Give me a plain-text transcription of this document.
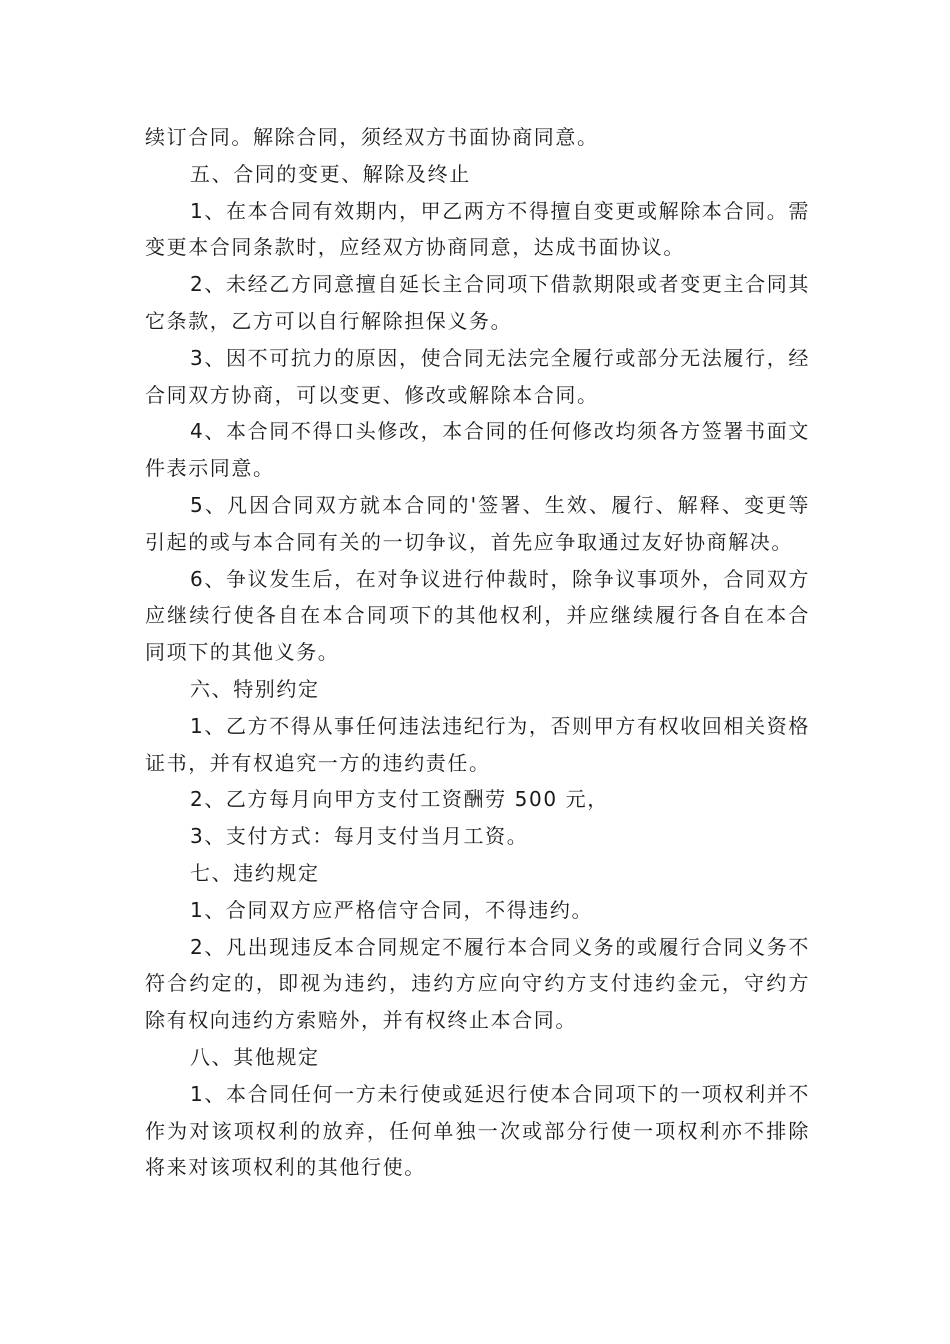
续订合同。解除合同，须经双方书面协商同意。

五、合同的变更、解除及终止

1、在本合同有效期内，甲乙两方不得擅自变更或解除本合同。需变更本合同条款时，应经双方协商同意，达成书面协议。

2、未经乙方同意擅自延长主合同项下借款期限或者变更主合同其它条款，乙方可以自行解除担保义务。

3、因不可抗力的原因，使合同无法完全履行或部分无法履行，经合同双方协商，可以变更、修改或解除本合同。

4、本合同不得口头修改，本合同的任何修改均须各方签署书面文件表示同意。

5、凡因合同双方就本合同的'签署、生效、履行、解释、变更等引起的或与本合同有关的一切争议，首先应争取通过友好协商解决。

6、争议发生后，在对争议进行仲裁时，除争议事项外，合同双方应继续行使各自在本合同项下的其他权利，并应继续履行各自在本合同项下的其他义务。

六、特别约定

1、乙方不得从事任何违法违纪行为，否则甲方有权收回相关资格证书，并有权追究一方的违约责任。

2、乙方每月向甲方支付工资酬劳 500 元，

3、支付方式：每月支付当月工资。

七、违约规定

1、合同双方应严格信守合同，不得违约。

2、凡出现违反本合同规定不履行本合同义务的或履行合同义务不符合约定的，即视为违约，违约方应向守约方支付违约金元，守约方除有权向违约方索赔外，并有权终止本合同。

八、其他规定

1、本合同任何一方未行使或延迟行使本合同项下的一项权利并不作为对该项权利的放弃，任何单独一次或部分行使一项权利亦不排除将来对该项权利的其他行使。
